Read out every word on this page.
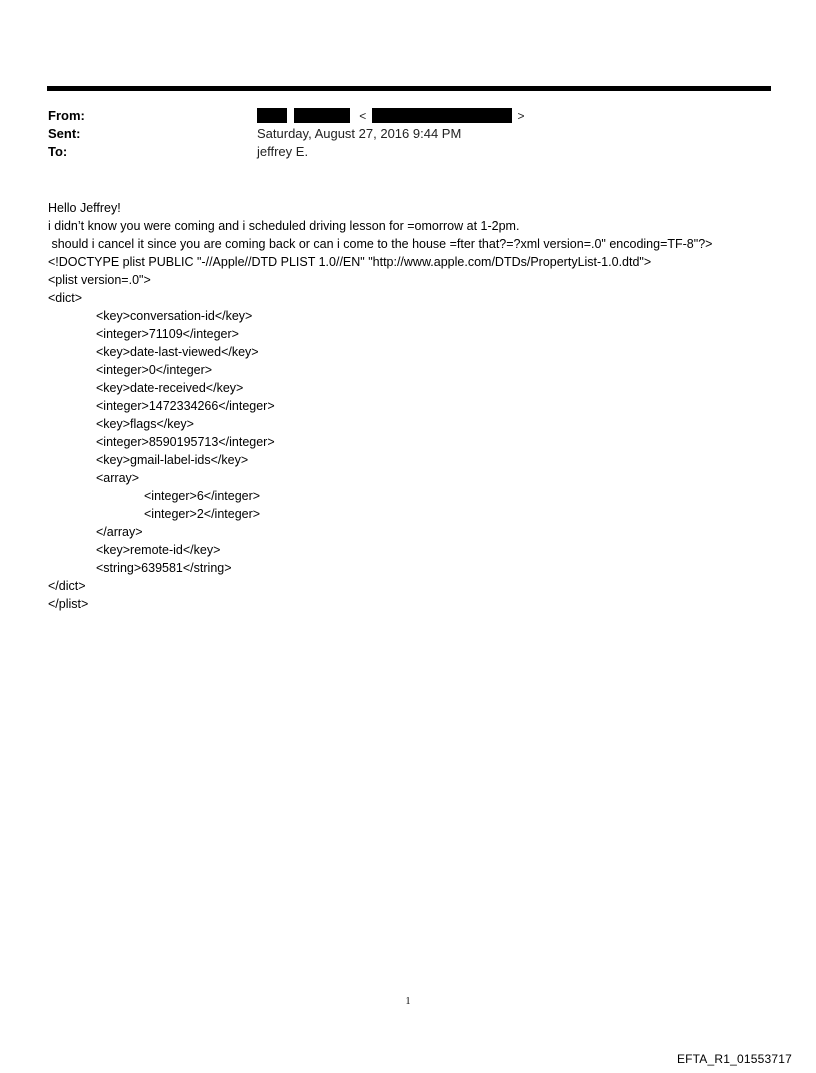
From:	<	>
Sent:	Saturday, August 27, 2016 9:44 PM
To:	jeffrey E.
Hello Jeffrey!
i didn’t know you were coming and i scheduled driving lesson for =omorrow at 1-2pm.
should i cancel it since you are coming back or can i come to the house =fter that?=?xml version=.0" encoding=TF-8"?>
<!DOCTYPE plist PUBLIC "-//Apple//DTD PLIST 1.0//EN" "http://www.apple.com/DTDs/PropertyList-1.0.dtd">
<plist version=.0">
<dict>
<key>conversation-id</key>
<integer>71109</integer>
<key>date-last-viewed</key>
<integer>0</integer>
<key>date-received</key>
<integer>1472334266</integer>
<key>flags</key>
<integer>8590195713</integer>
<key>gmail-label-ids</key>
<array>
<integer>6</integer>
<integer>2</integer>
</array>
<key>remote-id</key>
<string>639581</string>
</dict>
</plist>
1
EFTA_R1_01553717
